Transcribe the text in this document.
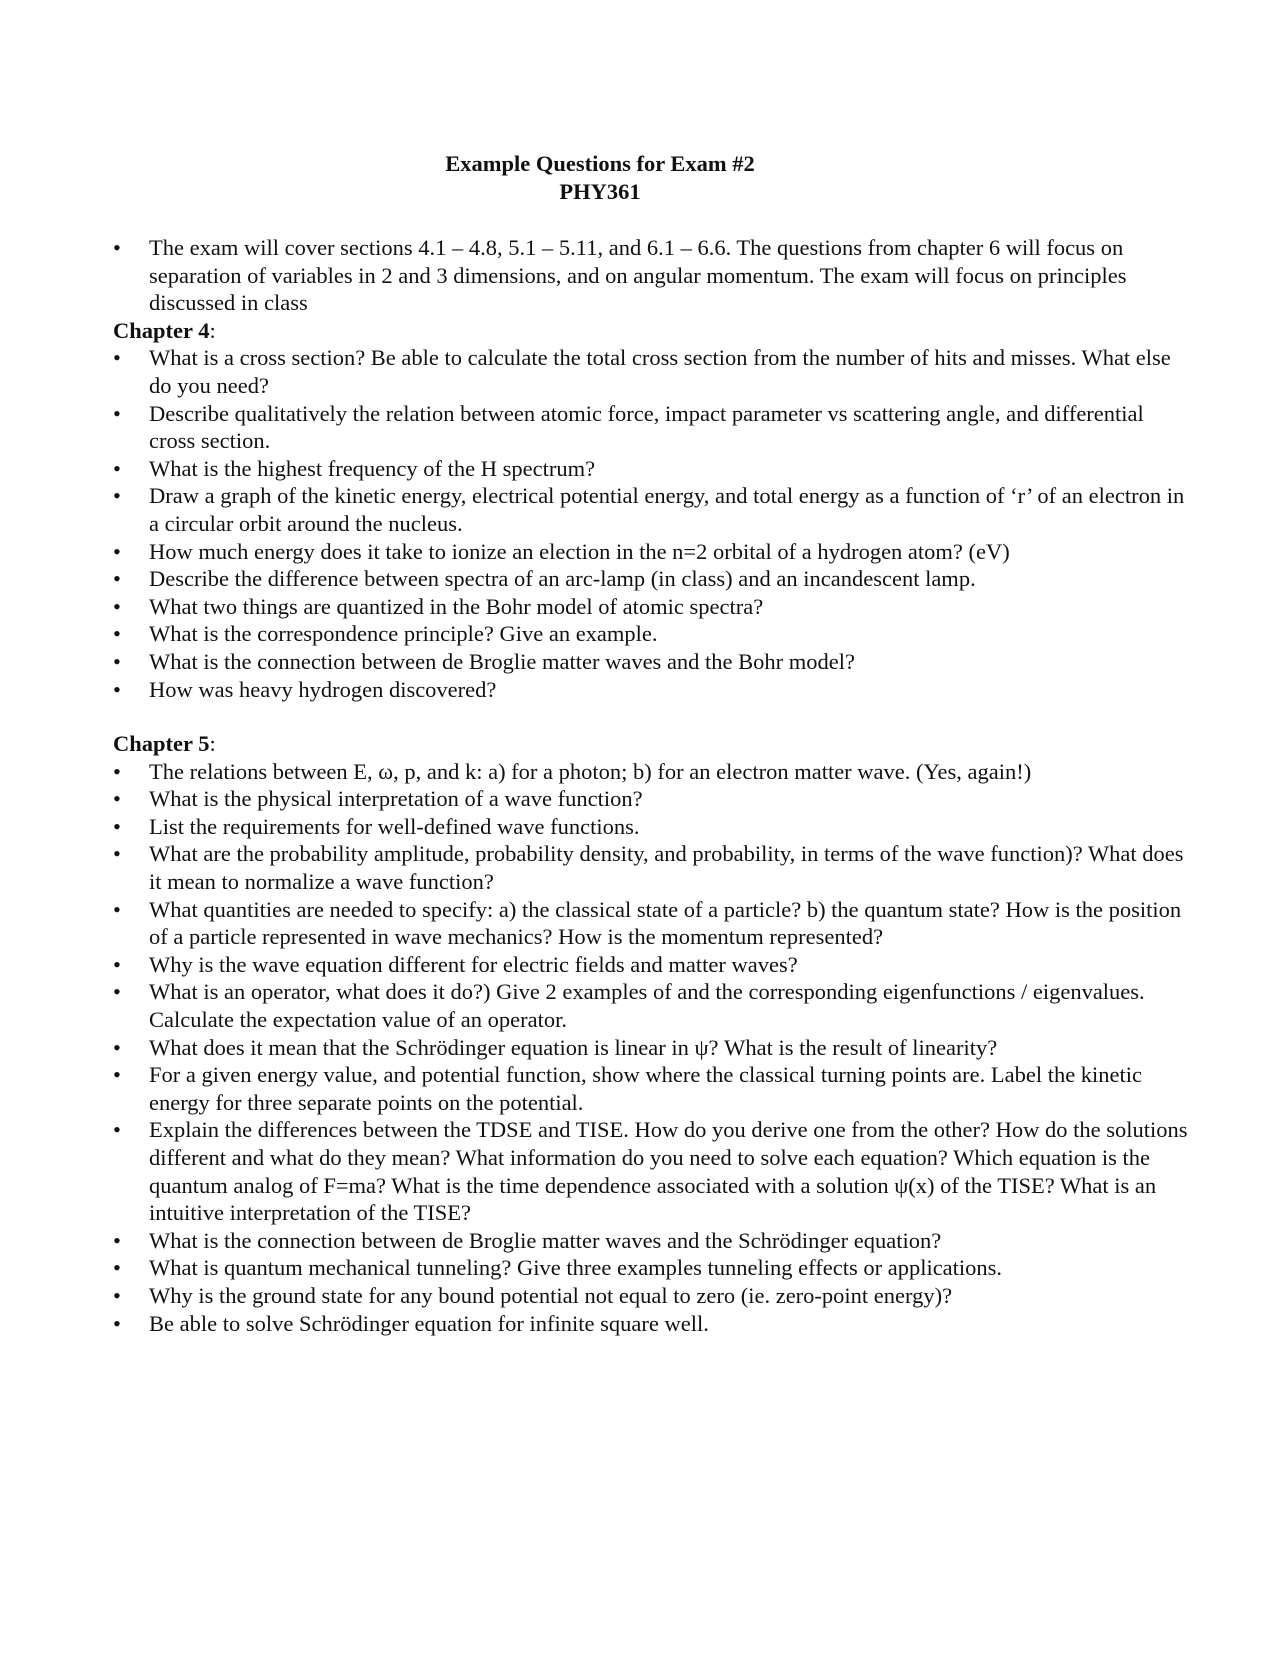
Example Questions for Exam #2
PHY361
•	The exam will cover sections 4.1 – 4.8, 5.1 – 5.11, and 6.1 – 6.6. The questions from chapter 6 will focus on separation of variables in 2 and 3 dimensions, and on angular momentum. The exam will focus on principles discussed in class
Chapter 4:
•	What is a cross section? Be able to calculate the total cross section from the number of hits and misses. What else do you need?
•	Describe qualitatively the relation between atomic force, impact parameter vs scattering angle, and differential cross section.
•	What is the highest frequency of the H spectrum?
•	Draw a graph of the kinetic energy, electrical potential energy, and total energy as a function of ‘r’ of an electron in a circular orbit around the nucleus.
•	How much energy does it take to ionize an election in the n=2 orbital of a hydrogen atom? (eV)
•	Describe the difference between spectra of an arc-lamp (in class) and an incandescent lamp.
•	What two things are quantized in the Bohr model of atomic spectra?
•	What is the correspondence principle? Give an example.
•	What is the connection between de Broglie matter waves and the Bohr model?
•	How was heavy hydrogen discovered?
Chapter 5:
•	The relations between E, ω, p, and k: a) for a photon; b) for an electron matter wave. (Yes, again!)
•	What is the physical interpretation of a wave function?
•	List the requirements for well-defined wave functions.
•	What are the probability amplitude, probability density, and probability, in terms of the wave function)? What does it mean to normalize a wave function?
•	What quantities are needed to specify: a) the classical state of a particle? b) the quantum state? How is the position of a particle represented in wave mechanics? How is the momentum represented?
•	Why is the wave equation different for electric fields and matter waves?
•	What is an operator, what does it do?) Give 2 examples of and the corresponding eigenfunctions / eigenvalues. Calculate the expectation value of an operator.
•	What does it mean that the Schrödinger equation is linear in ψ? What is the result of linearity?
•	For a given energy value, and potential function, show where the classical turning points are. Label the kinetic energy for three separate points on the potential.
•	Explain the differences between the TDSE and TISE. How do you derive one from the other? How do the solutions different and what do they mean? What information do you need to solve each equation? Which equation is the quantum analog of F=ma? What is the time dependence associated with a solution ψ(x) of the TISE? What is an intuitive interpretation of the TISE?
•	What is the connection between de Broglie matter waves and the Schrödinger equation?
•	What is quantum mechanical tunneling? Give three examples tunneling effects or applications.
•	Why is the ground state for any bound potential not equal to zero (ie. zero-point energy)?
•	Be able to solve Schrödinger equation for infinite square well.
